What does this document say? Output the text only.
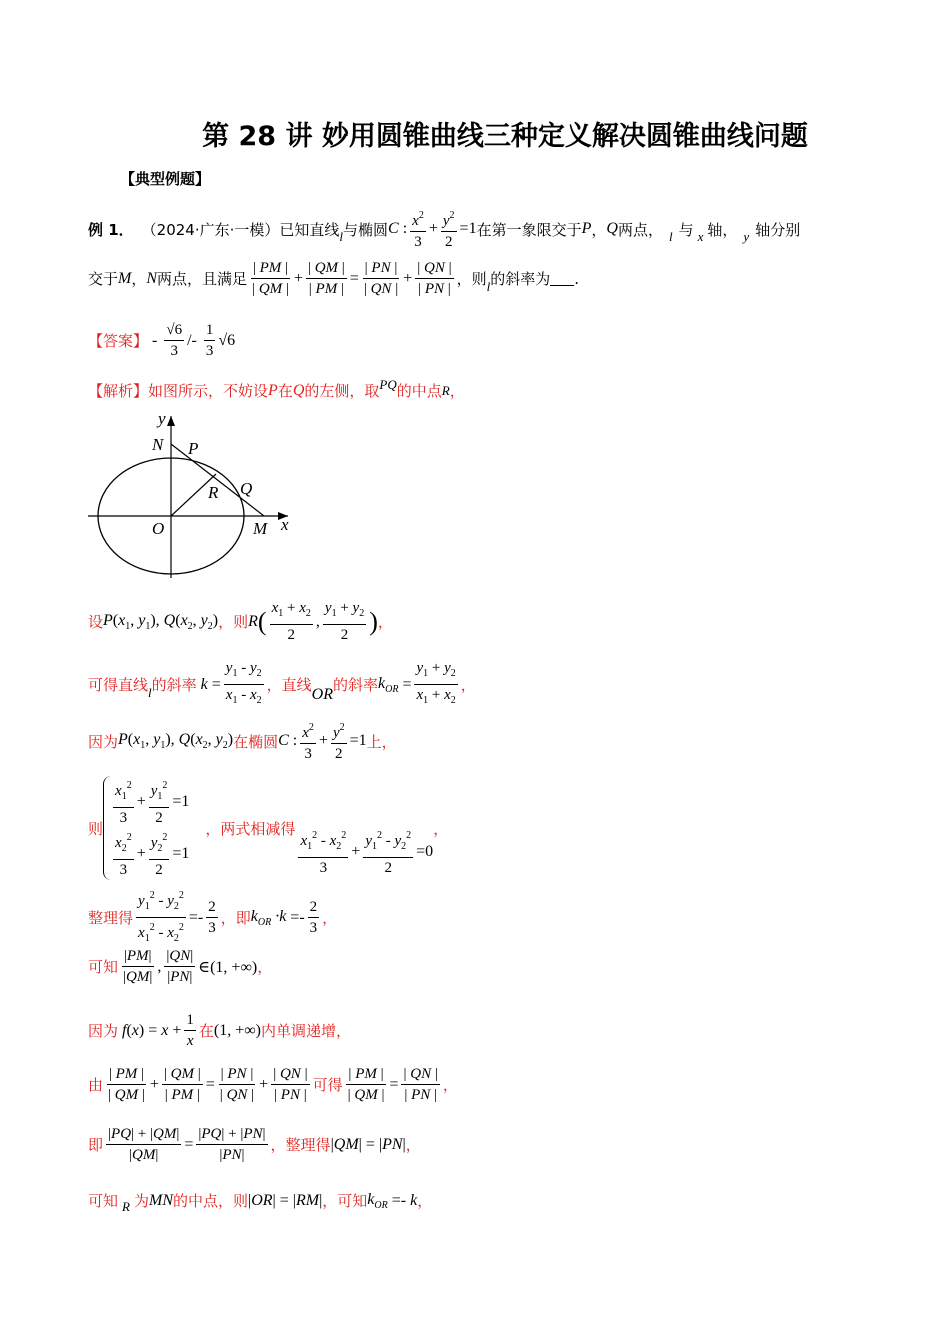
第 28 讲 妙用圆锥曲线三种定义解决圆锥曲线问题
【典型例题】
例 1． （2024·广东·一模） 已知直线 l 与椭圆 C : $\frac{x^2}{3} + \frac{y^2}{2} =1$ 在第一象限交于 P ， Q 两点， l 与 x 轴， y 轴分别
交于 M ， N 两点，且满足 $\frac{| PM |}{| QM |} + \frac{| QM |}{| PM |} = \frac{| PN |}{| QN |} + \frac{| QN |}{| PN |}$ ，则 l 的斜率为 .
【答案】 - $\frac{√6}{3}$ / - $\frac{1}{3} √6$
【解析】 如图所示，不妨设 P 在 Q 的左侧，取 PQ 的中点 R ，
y
N P
R Q
O	M x
设 $P(x_1$, $y_1$), $Q(x_2$, $y_2$) ，则 R ( $\frac{x_1 + x_2}{2}$ , $\frac{y_1 + y_2}{2}$ ) ，
可得直线 l 的斜率 $k = \frac{y_1 - y_2}{x_1 - x_2}$ ，直线 OR 的斜率 $k_{OR} = \frac{y_1 + y_2}{x_1 + x_2}$ ，
因为 $P(x_1$, $y_1$), $Q(x_2$, $y_2$) 在椭圆 C : $\frac{x^2}{3} + \frac{y^2}{2} =1$ 上，
则
$\frac{x_1^2}{3} + \frac{y_1^2}{2} =1$
$\frac{x_2^2}{3} + \frac{y_2^2}{2} =1$
，两式相减得 $\frac{x_1^2 - x_2^2}{3} + \frac{y_1^2 - y_2^2}{2} =0$
，
整理得 $\frac{y_1^2 - y_2^2}{x_1^2 - x_2^2} =- \frac{2}{3}$ ，即 $k_{OR} \cdot k =- \frac{2}{3}$ ，
可知 $\frac{|PM|}{|QM|}$ , $\frac{|QN|}{|PN|}$ ∈(1, +∞) ，
因为 $f(x) = x + \frac{1}{x}$ 在 (1, +∞) 内单调递增，
由 $\frac{| PM |}{| QM |} + \frac{| QM |}{| PM |} = \frac{| PN |}{| QN |} + \frac{| QN |}{| PN |}$ 可得 $\frac{| PM |}{| QM |} = \frac{| QN |}{| PN |}$ ，
即 $\frac{|PQ| + |QM|}{|QM|} = \frac{|PQ| + |PN|}{|PN|}$ ，整理得 |QM| = |PN| ，
可知 R 为 MN 的中点，则 |OR| = |RM| ，可知 $k_{OR} =- k$ ，
